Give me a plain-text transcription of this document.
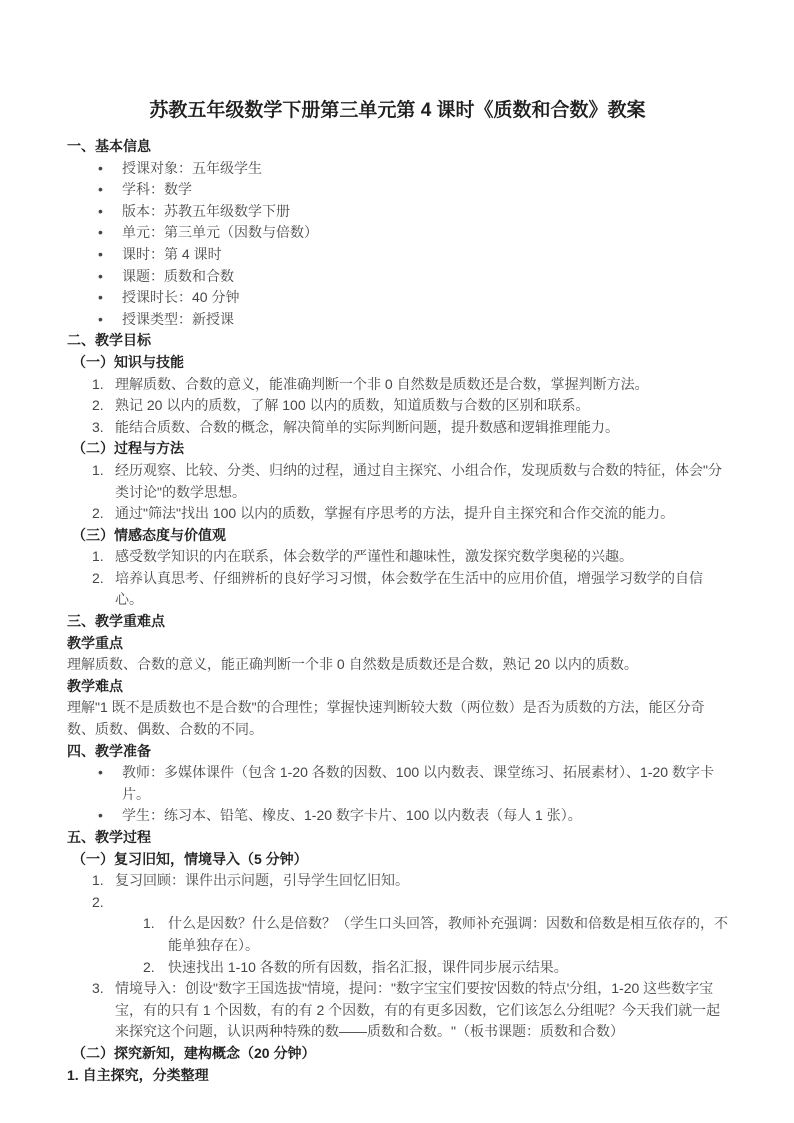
苏教五年级数学下册第三单元第 4 课时《质数和合数》教案
一、基本信息
• 授课对象：五年级学生
• 学科：数学
• 版本：苏教五年级数学下册
• 单元：第三单元（因数与倍数）
• 课时：第 4 课时
• 课题：质数和合数
• 授课时长：40 分钟
• 授课类型：新授课
二、教学目标
（一）知识与技能
1. 理解质数、合数的意义，能准确判断一个非 0 自然数是质数还是合数，掌握判断方法。
2. 熟记 20 以内的质数，了解 100 以内的质数，知道质数与合数的区别和联系。
3. 能结合质数、合数的概念，解决简单的实际判断问题，提升数感和逻辑推理能力。
（二）过程与方法
1. 经历观察、比较、分类、归纳的过程，通过自主探究、小组合作，发现质数与合数的特征，体会"分类讨论"的数学思想。
2. 通过"筛法"找出 100 以内的质数，掌握有序思考的方法，提升自主探究和合作交流的能力。
（三）情感态度与价值观
1. 感受数学知识的内在联系，体会数学的严谨性和趣味性，激发探究数学奥秘的兴趣。
2. 培养认真思考、仔细辨析的良好学习习惯，体会数学在生活中的应用价值，增强学习数学的自信心。
三、教学重难点
教学重点
理解质数、合数的意义，能正确判断一个非 0 自然数是质数还是合数，熟记 20 以内的质数。
教学难点
理解"1 既不是质数也不是合数"的合理性；掌握快速判断较大数（两位数）是否为质数的方法，能区分奇数、质数、偶数、合数的不同。
四、教学准备
• 教师：多媒体课件（包含 1-20 各数的因数、100 以内数表、课堂练习、拓展素材）、1-20 数字卡片。
• 学生：练习本、铅笔、橡皮、1-20 数字卡片、100 以内数表（每人 1 张）。
五、教学过程
（一）复习旧知，情境导入（5 分钟）
1. 复习回顾：课件出示问题，引导学生回忆旧知。
2.
1. 什么是因数？什么是倍数？（学生口头回答，教师补充强调：因数和倍数是相互依存的，不能单独存在）。
2. 快速找出 1-10 各数的所有因数，指名汇报，课件同步展示结果。
3. 情境导入：创设"数字王国选拔"情境，提问："数字宝宝们要按'因数的特点'分组，1-20 这些数字宝宝，有的只有 1 个因数，有的有 2 个因数，有的有更多因数，它们该怎么分组呢？今天我们就一起来探究这个问题，认识两种特殊的数——质数和合数。"（板书课题：质数和合数）
（二）探究新知，建构概念（20 分钟）
1. 自主探究，分类整理
